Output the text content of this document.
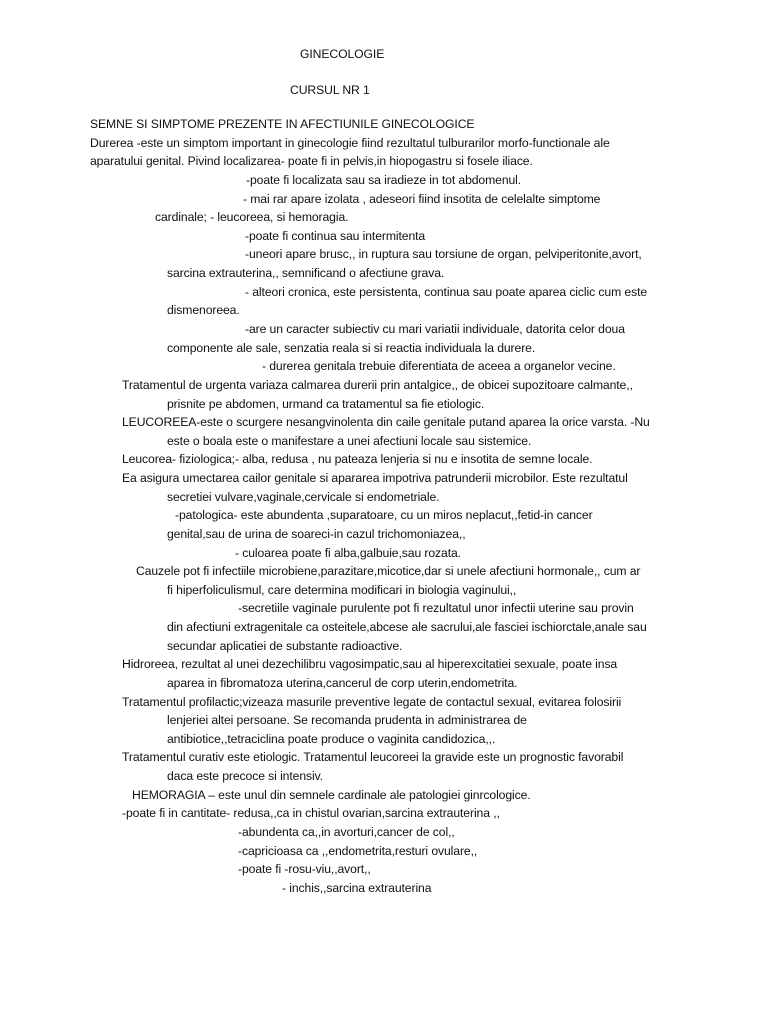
GINECOLOGIE
CURSUL NR 1
SEMNE SI SIMPTOME PREZENTE IN AFECTIUNILE GINECOLOGICE
Durerea -este un simptom important in ginecologie fiind rezultatul tulburarilor morfo-functionale ale
aparatului genital. Pivind localizarea- poate fi in pelvis,in hiopogastru si fosele iliace.
-poate fi localizata sau sa iradieze in tot abdomenul.
- mai rar apare izolata , adeseori fiind insotita de celelalte simptome
cardinale; - leucoreea, si hemoragia.
-poate fi continua sau intermitenta
-uneori apare brusc,, in ruptura sau torsiune de organ, pelviperitonite,avort,
sarcina extrauterina,, semnificand o afectiune grava.
- alteori cronica, este persistenta, continua sau poate aparea ciclic cum este
dismenoreea.
-are un caracter subiectiv cu mari variatii individuale, datorita celor doua
componente ale sale, senzatia reala si si reactia individuala la durere.
- durerea genitala trebuie diferentiata de aceea a organelor vecine.
Tratamentul de urgenta variaza calmarea durerii prin antalgice,, de obicei supozitoare calmante,,
prisnite pe abdomen, urmand ca tratamentul sa fie etiologic.
LEUCOREEA-este o scurgere nesangvinolenta din caile genitale putand aparea la orice varsta. -Nu
este o boala este o manifestare a unei afectiuni locale sau sistemice.
Leucorea- fiziologica;- alba, redusa , nu pateaza lenjeria si nu e insotita de semne locale.
Ea asigura umectarea cailor genitale si apararea impotriva patrunderii microbilor. Este rezultatul
secretiei vulvare,vaginale,cervicale si endometriale.
-patologica- este abundenta ,suparatoare, cu un miros neplacut,,fetid-in cancer
genital,sau de urina de soareci-in cazul trichomoniazea,,
- culoarea poate fi alba,galbuie,sau rozata.
Cauzele pot fi infectiile microbiene,parazitare,micotice,dar si unele afectiuni hormonale,, cum ar
fi hiperfoliculismul, care determina modificari in biologia vaginului,,
-secretiile vaginale purulente pot fi rezultatul unor infectii uterine sau provin
din afectiuni extragenitale ca osteitele,abcese ale sacrului,ale fasciei ischiorctale,anale sau
secundar aplicatiei de substante radioactive.
Hidroreea, rezultat al unei dezechilibru vagosimpatic,sau al hiperexcitatiei sexuale, poate insa
aparea in fibromatoza uterina,cancerul de corp uterin,endometrita.
Tratamentul profilactic;vizeaza masurile preventive legate de contactul sexual, evitarea folosirii
lenjeriei altei persoane. Se recomanda prudenta in administrarea de
antibiotice,,tetraciclina poate produce o vaginita candidozica,,.
Tratamentul curativ este etiologic. Tratamentul leucoreei la gravide este un prognostic favorabil
daca este precoce si intensiv.
HEMORAGIA – este unul din semnele cardinale ale patologiei ginrcologice.
-poate fi in cantitate- redusa,,ca in chistul ovarian,sarcina extrauterina ,,
-abundenta ca,,in avorturi,cancer de col,,
-capricioasa ca ,,endometrita,resturi ovulare,,
-poate fi -rosu-viu,,avort,,
- inchis,,sarcina extrauterina
